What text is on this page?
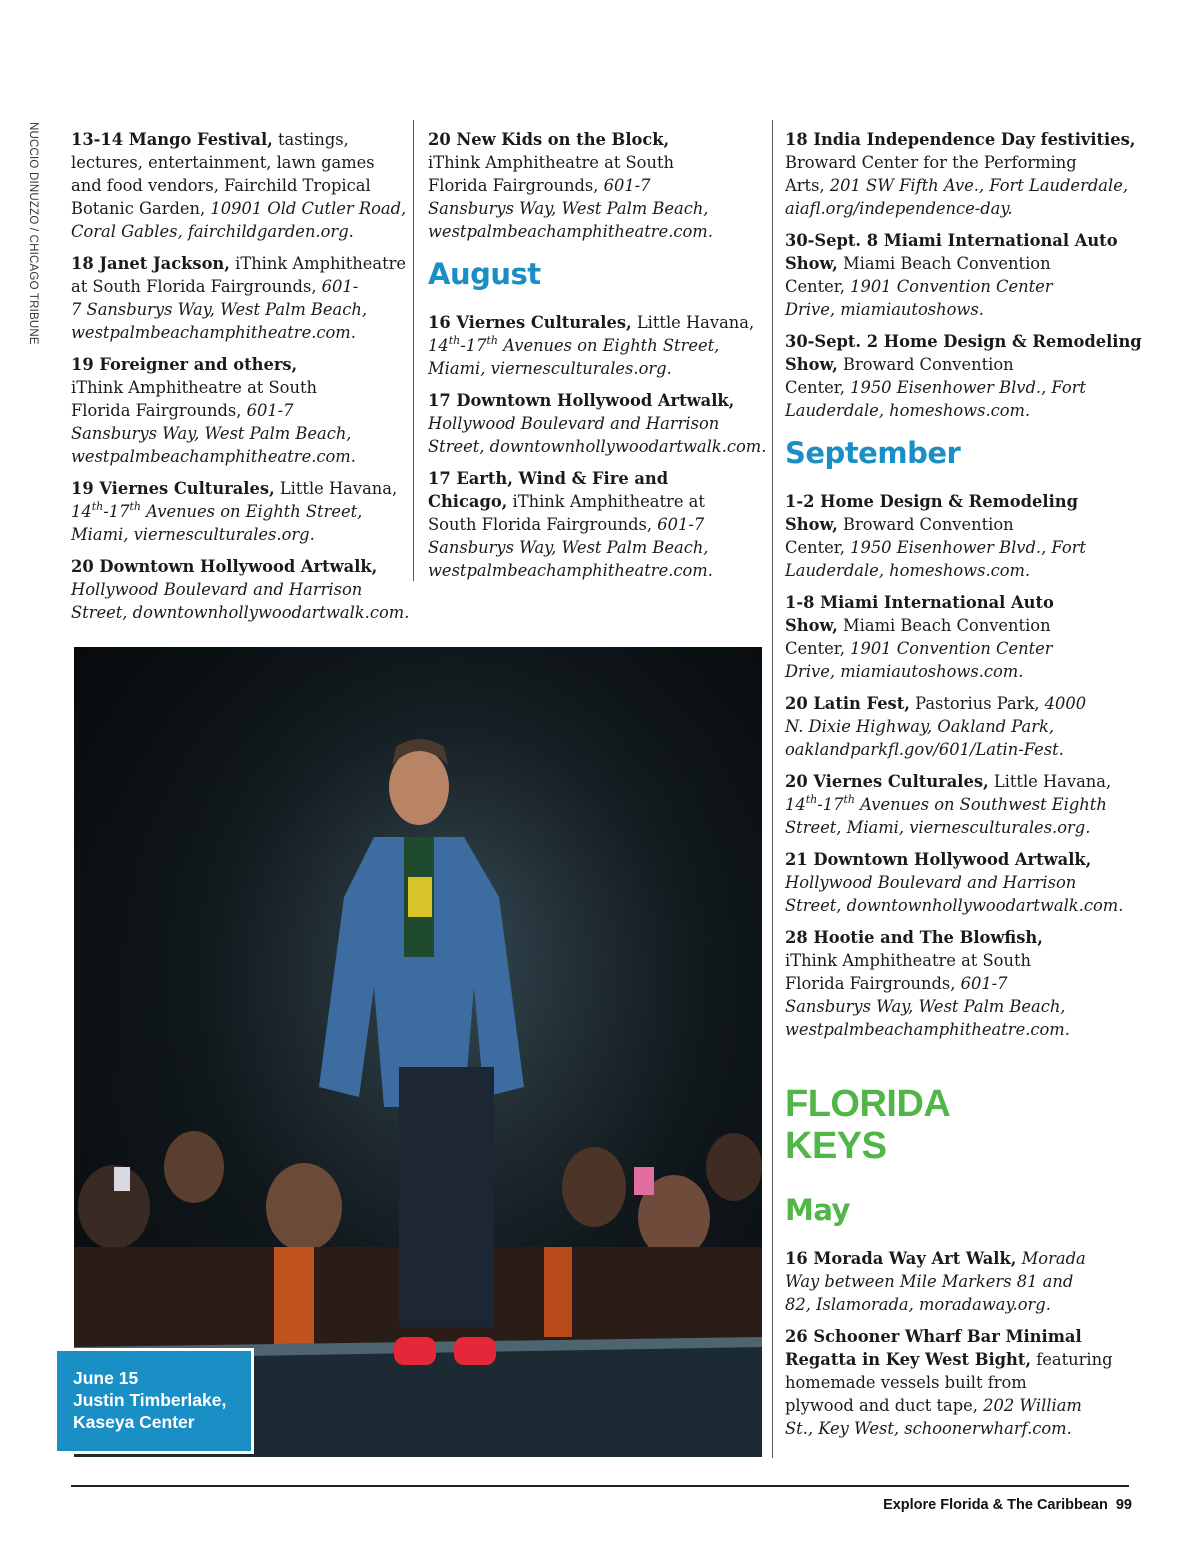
NUCCIO DINUZZO / CHICAGO TRIBUNE 13-14 Mango Festival, tastings,
lectures, entertainment, lawn games
and food vendors, Fairchild Tropical
Botanic Garden, 10901 Old Cutler Road,
Coral Gables, fairchildgarden.org.

18 Janet Jackson, iThink Amphitheatre
at South Florida Fairgrounds, 601-
7 Sansburys Way, West Palm Beach,
westpalmbeachamphitheatre.com.

19 Foreigner and others,
iThink Amphitheatre at South
Florida Fairgrounds, 601-7
Sansburys Way, West Palm Beach,
westpalmbeachamphitheatre.com.

19 Viernes Culturales, Little Havana,
14th-17th Avenues on Eighth Street,
Miami, viernesculturales.org.

20 Downtown Hollywood Artwalk,
Hollywood Boulevard and Harrison
Street, downtownhollywoodartwalk.com.

20 New Kids on the Block,
iThink Amphitheatre at South
Florida Fairgrounds, 601-7
Sansburys Way, West Palm Beach,
westpalmbeachamphitheatre.com.

August

16 Viernes Culturales, Little Havana,
14th-17th Avenues on Eighth Street,
Miami, viernesculturales.org.

17 Downtown Hollywood Artwalk,
Hollywood Boulevard and Harrison
Street, downtownhollywoodartwalk.com.

17 Earth, Wind & Fire and
Chicago, iThink Amphitheatre at
South Florida Fairgrounds, 601-7
Sansburys Way, West Palm Beach,
westpalmbeachamphitheatre.com.

18 India Independence Day festivities,
Broward Center for the Performing
Arts, 201 SW Fifth Ave., Fort Lauderdale,
aiafl.org/independence-day.

30-Sept. 8 Miami International Auto
Show, Miami Beach Convention
Center, 1901 Convention Center
Drive, miamiautoshows.

30-Sept. 2 Home Design & Remodeling
Show, Broward Convention
Center, 1950 Eisenhower Blvd., Fort
Lauderdale, homeshows.com.

September

1-2 Home Design & Remodeling
Show, Broward Convention
Center, 1950 Eisenhower Blvd., Fort
Lauderdale, homeshows.com.

1-8 Miami International Auto
Show, Miami Beach Convention
Center, 1901 Convention Center
Drive, miamiautoshows.com.

20 Latin Fest, Pastorius Park, 4000
N. Dixie Highway, Oakland Park,
oaklandparkfl.gov/601/Latin-Fest.

20 Viernes Culturales, Little Havana,
14th-17th Avenues on Southwest Eighth
Street, Miami, viernesculturales.org.

21 Downtown Hollywood Artwalk,
Hollywood Boulevard and Harrison
Street, downtownhollywoodartwalk.com.

28 Hootie and The Blowfish,
iThink Amphitheatre at South
Florida Fairgrounds, 601-7
Sansburys Way, West Palm Beach,
westpalmbeachamphitheatre.com.

FLORIDA
KEYS
May

16 Morada Way Art Walk, Morada
Way between Mile Markers 81 and
82, Islamorada, moradaway.org.

26 Schooner Wharf Bar Minimal
Regatta in Key West Bight, featuring
homemade vessels built from
plywood and duct tape, 202 William
St., Key West, schoonerwharf.com.

June 15
Justin Timberlake,
Kaseya Center
Explore Florida & The Caribbean 99
